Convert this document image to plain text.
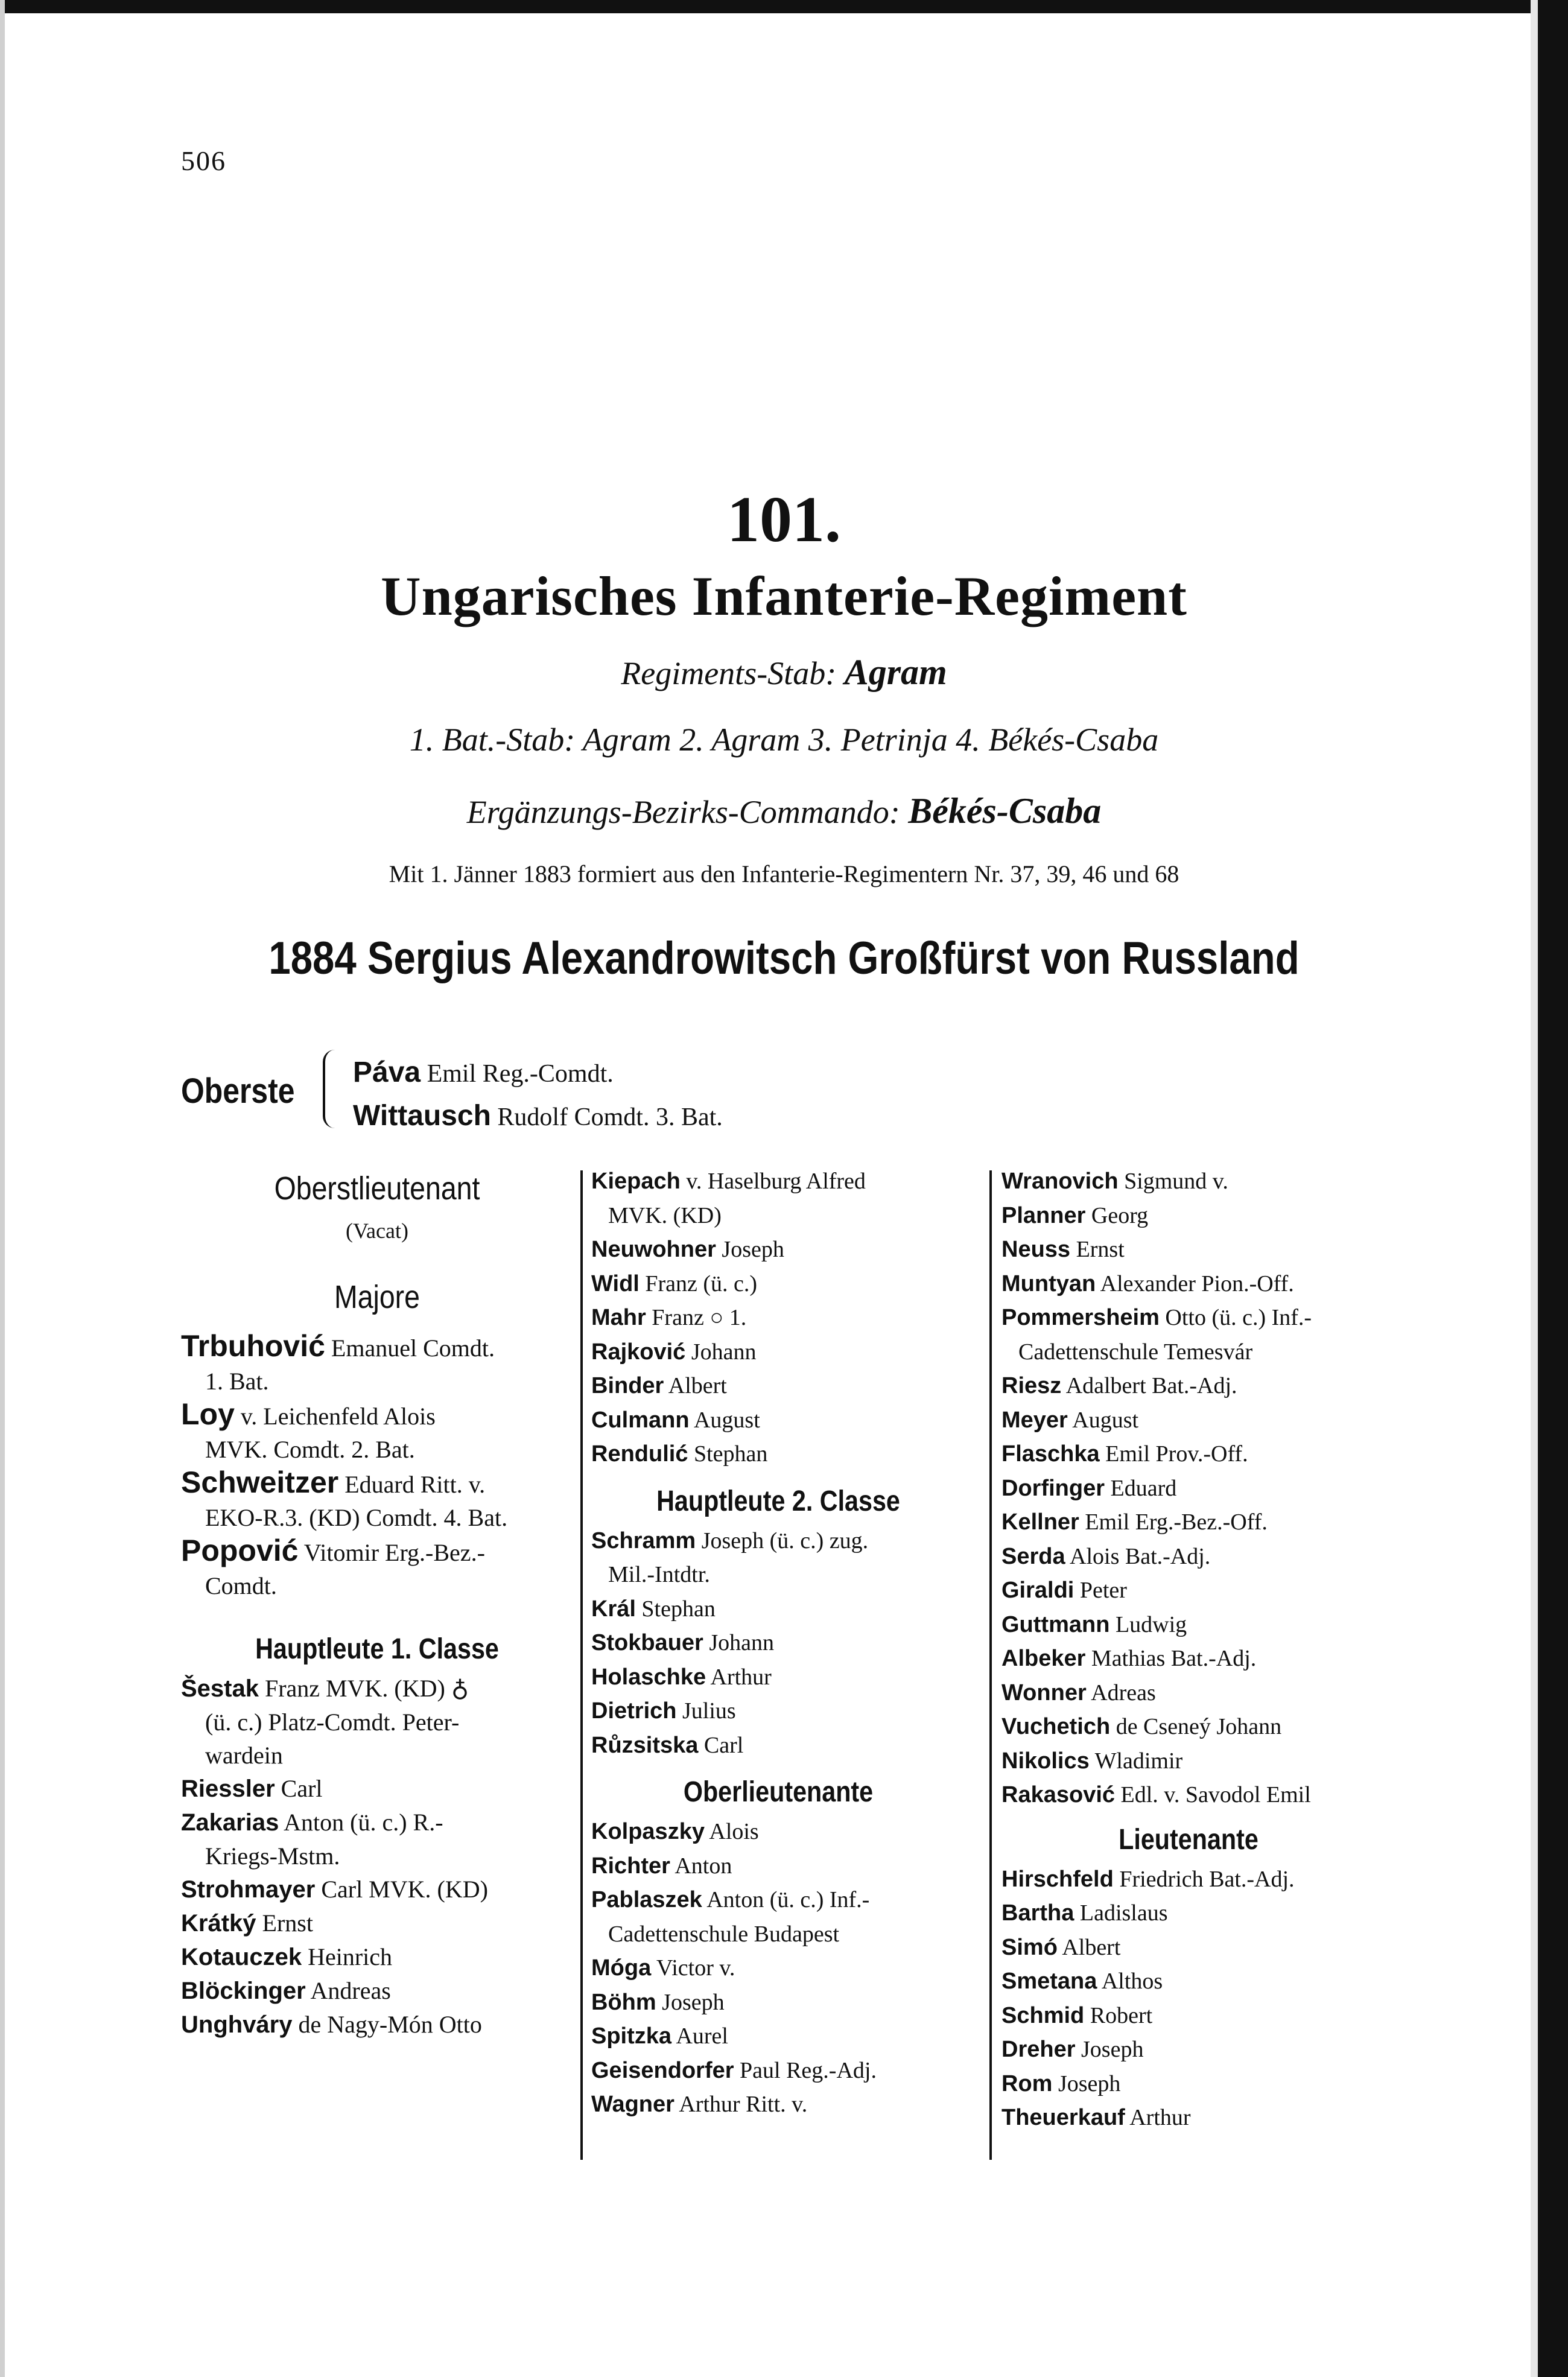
506
101.
Ungarisches Infanterie-Regiment
Regiments-Stab: Agram
1. Bat.-Stab: Agram 2. Agram 3. Petrinja 4. Békés-Csaba
Ergänzungs-Bezirks-Commando: Békés-Csaba
Mit 1. Jänner 1883 formiert aus den Infanterie-Regimentern Nr. 37, 39, 46 und 68
1884 Sergius Alexandrowitsch Großfürst von Russland
Oberste Páva Emil Reg.-Comdt.
Wittausch Rudolf Comdt. 3. Bat.
Oberstlieutenant
(Vacat)
Majore
Trbuhović Emanuel Comdt.
1. Bat.
Loy v. Leichenfeld Alois
MVK. Comdt. 2. Bat.
Schweitzer Eduard Ritt. v.
EKO-R.3. (KD) Comdt. 4. Bat.
Popović Vitomir Erg.-Bez.-
Comdt.
Hauptleute 1. Classe
Šestak Franz MVK. (KD) ♁
(ü. c.) Platz-Comdt. Peter-
wardein
Riessler Carl
Zakarias Anton (ü. c.) R.-
Kriegs-Mstm.
Strohmayer Carl MVK. (KD)
Krátký Ernst
Kotauczek Heinrich
Blöckinger Andreas
Unghváry de Nagy-Món Otto
Kiepach v. Haselburg Alfred
MVK. (KD)
Neuwohner Joseph
Widl Franz (ü. c.)
Mahr Franz ○ 1.
Rajković Johann
Binder Albert
Culmann August
Rendulić Stephan
Hauptleute 2. Classe
Schramm Joseph (ü. c.) zug.
Mil.-Intdtr.
Král Stephan
Stokbauer Johann
Holaschke Arthur
Dietrich Julius
Růzsitska Carl
Oberlieutenante
Kolpaszky Alois
Richter Anton
Pablaszek Anton (ü. c.) Inf.-
Cadettenschule Budapest
Móga Victor v.
Böhm Joseph
Spitzka Aurel
Geisendorfer Paul Reg.-Adj.
Wagner Arthur Ritt. v.
Wranovich Sigmund v.
Planner Georg
Neuss Ernst
Muntyan Alexander Pion.-Off.
Pommersheim Otto (ü. c.) Inf.-
Cadettenschule Temesvár
Riesz Adalbert Bat.-Adj.
Meyer August
Flaschka Emil Prov.-Off.
Dorfinger Eduard
Kellner Emil Erg.-Bez.-Off.
Serda Alois Bat.-Adj.
Giraldi Peter
Guttmann Ludwig
Albeker Mathias Bat.-Adj.
Wonner Adreas
Vuchetich de Cseneý Johann
Nikolics Wladimir
Rakasović Edl. v. Savodol Emil
Lieutenante
Hirschfeld Friedrich Bat.-Adj.
Bartha Ladislaus
Simó Albert
Smetana Althos
Schmid Robert
Dreher Joseph
Rom Joseph
Theuerkauf Arthur
